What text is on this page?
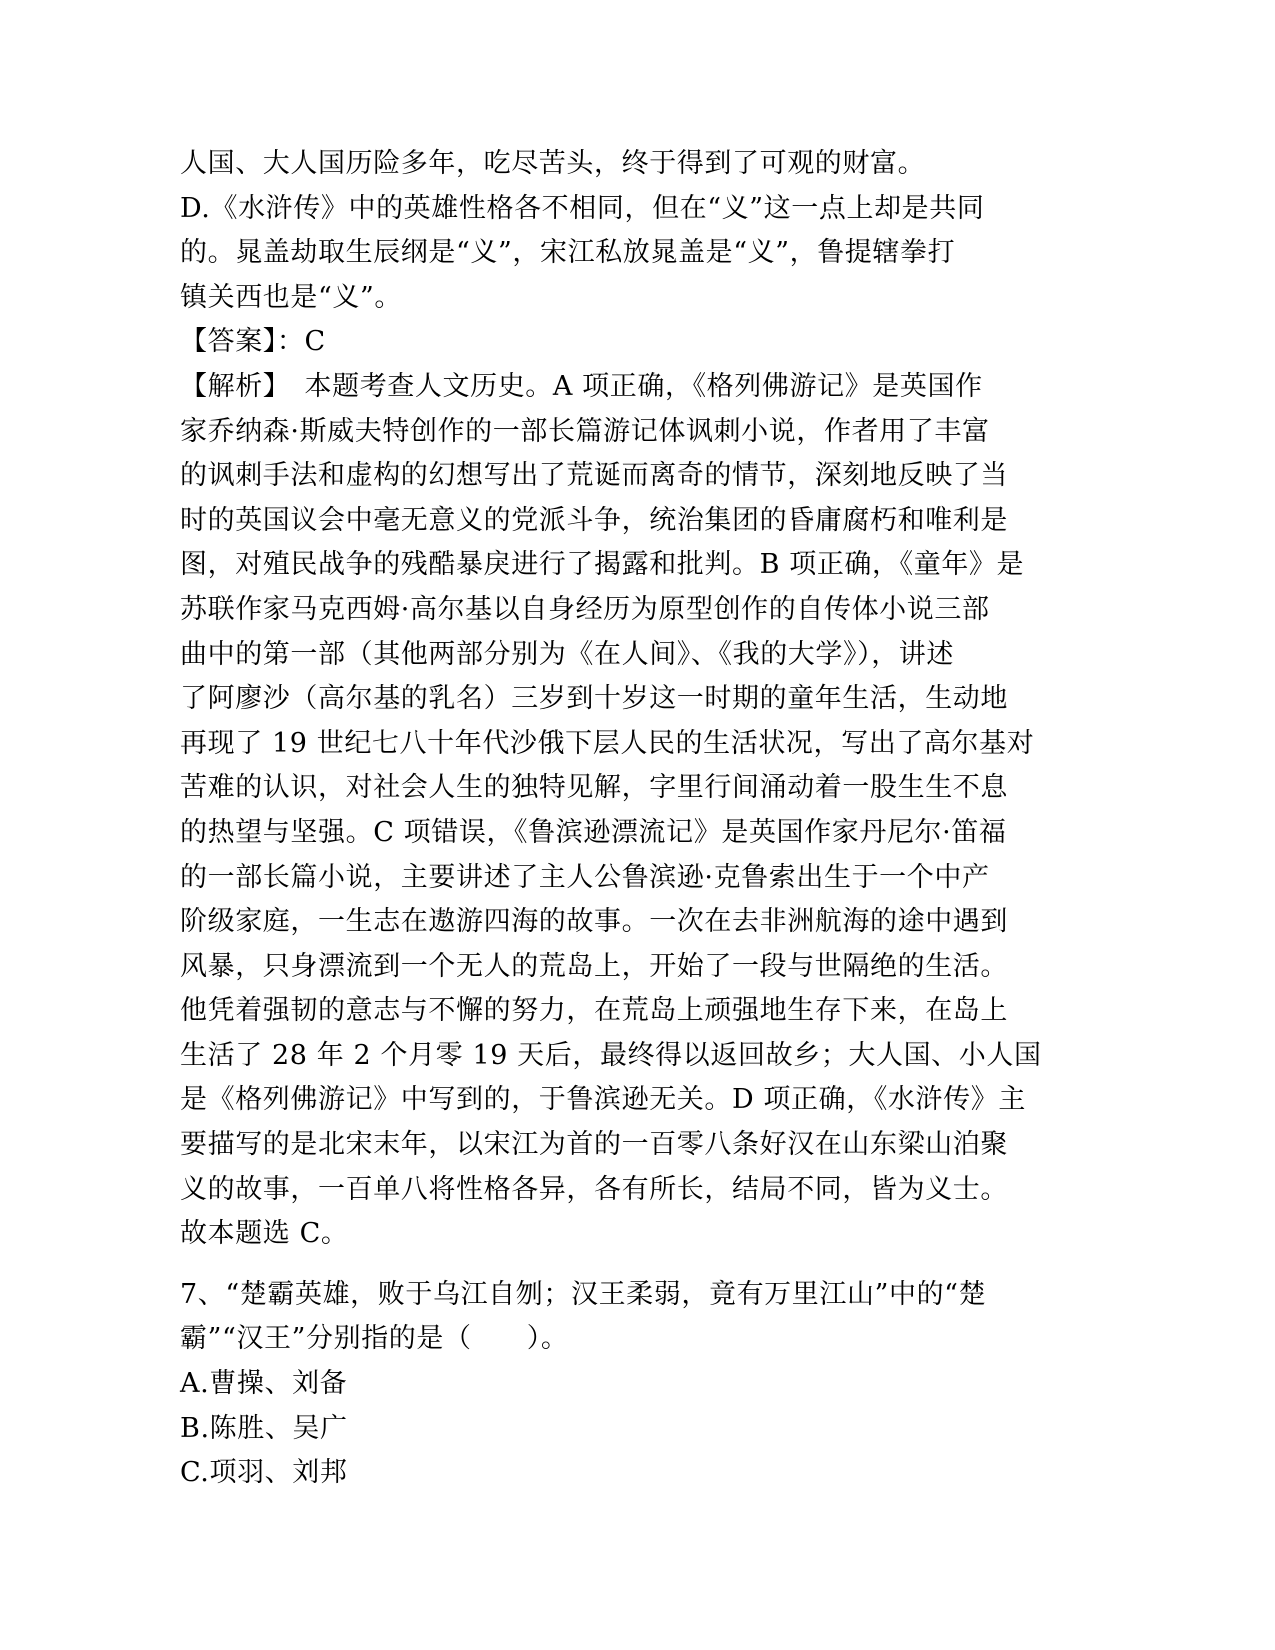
人国、大人国历险多年，吃尽苦头，终于得到了可观的财富。
D.《水浒传》中的英雄性格各不相同，但在“义”这一点上却是共同
的。晁盖劫取生辰纲是“义”，宋江私放晁盖是“义”，鲁提辖拳打
镇关西也是“义”。
【答案】：C
【解析】　本题考查人文历史。A 项正确，《格列佛游记》是英国作
家乔纳森·斯威夫特创作的一部长篇游记体讽刺小说，作者用了丰富
的讽刺手法和虚构的幻想写出了荒诞而离奇的情节，深刻地反映了当
时的英国议会中毫无意义的党派斗争，统治集团的昏庸腐朽和唯利是
图，对殖民战争的残酷暴戾进行了揭露和批判。B 项正确，《童年》是
苏联作家马克西姆·高尔基以自身经历为原型创作的自传体小说三部
曲中的第一部（其他两部分别为《在人间》、《我的大学》），讲述
了阿廖沙（高尔基的乳名）三岁到十岁这一时期的童年生活，生动地
再现了 19 世纪七八十年代沙俄下层人民的生活状况，写出了高尔基对
苦难的认识，对社会人生的独特见解，字里行间涌动着一股生生不息
的热望与坚强。C 项错误，《鲁滨逊漂流记》是英国作家丹尼尔·笛福
的一部长篇小说，主要讲述了主人公鲁滨逊·克鲁索出生于一个中产
阶级家庭，一生志在遨游四海的故事。一次在去非洲航海的途中遇到
风暴，只身漂流到一个无人的荒岛上，开始了一段与世隔绝的生活。
他凭着强韧的意志与不懈的努力，在荒岛上顽强地生存下来，在岛上
生活了 28 年 2 个月零 19 天后，最终得以返回故乡；大人国、小人国
是《格列佛游记》中写到的，于鲁滨逊无关。D 项正确，《水浒传》主
要描写的是北宋末年，以宋江为首的一百零八条好汉在山东梁山泊聚
义的故事，一百单八将性格各异，各有所长，结局不同，皆为义士。
故本题选 C。
7、“楚霸英雄，败于乌江自刎；汉王柔弱，竟有万里江山”中的“楚
霸”“汉王”分别指的是（　　）。
A.曹操、刘备
B.陈胜、吴广
C.项羽、刘邦
